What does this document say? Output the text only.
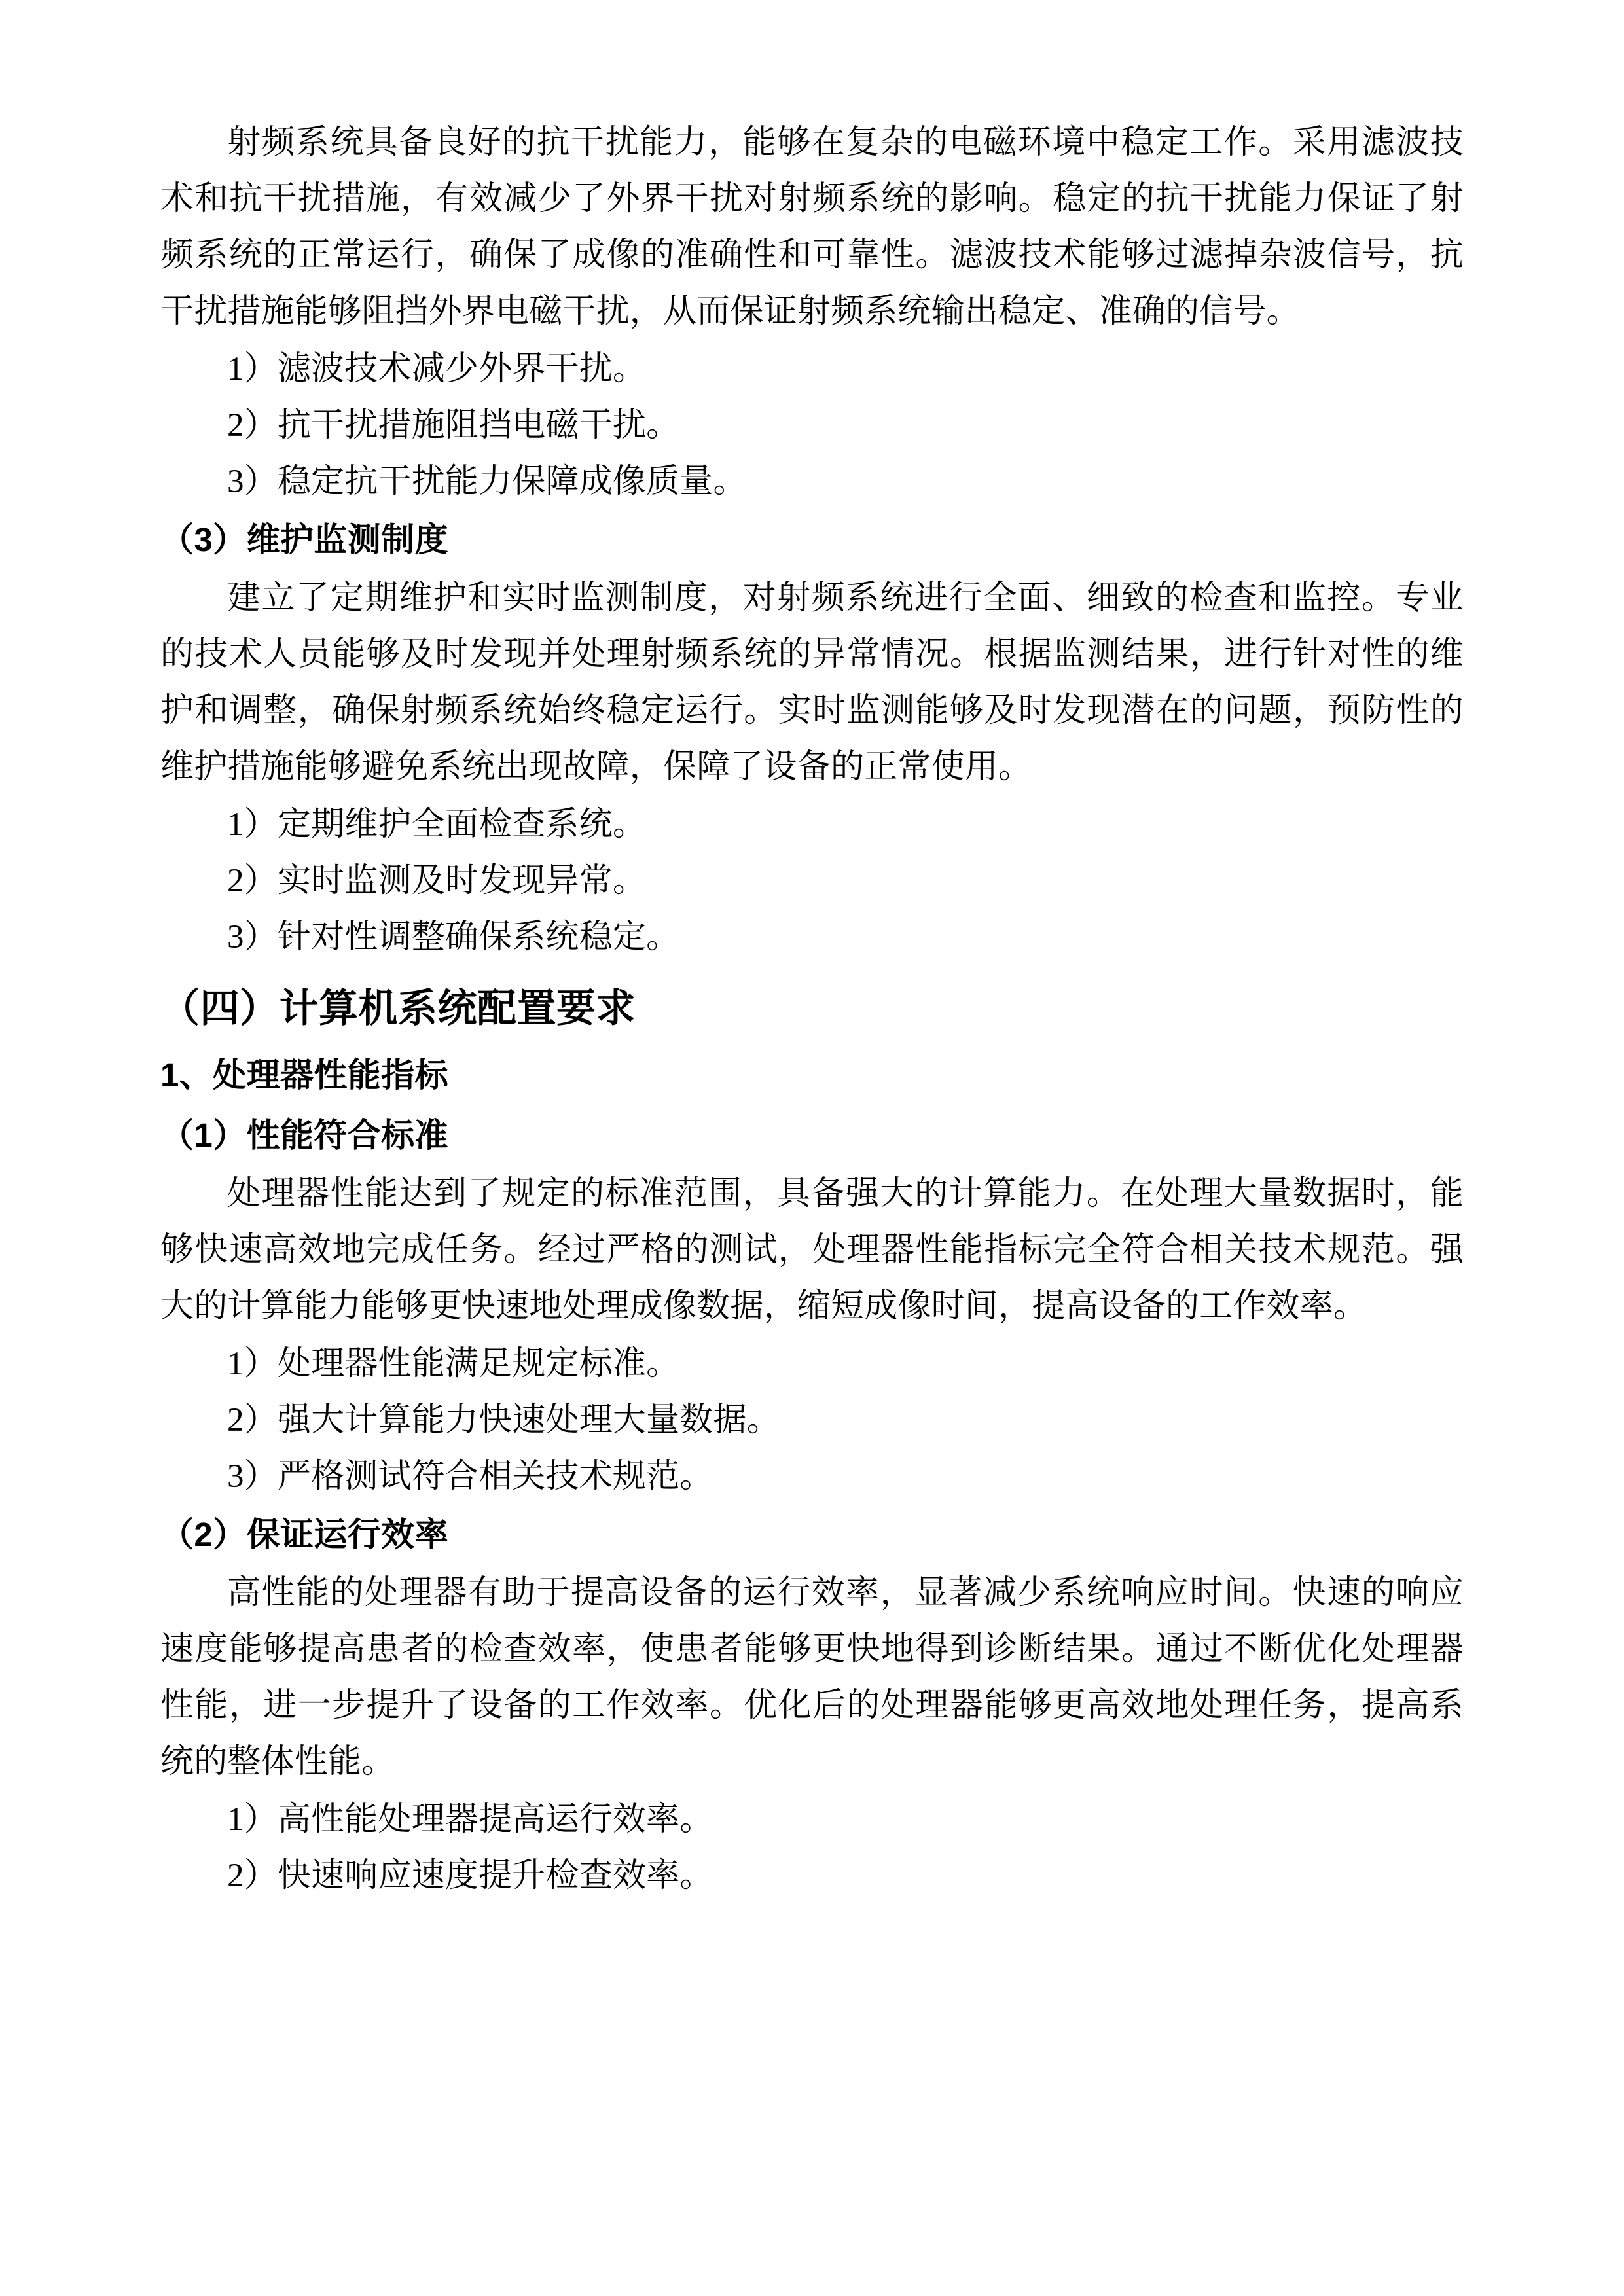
射频系统具备良好的抗干扰能力，能够在复杂的电磁环境中稳定工作。采用滤波技术和抗干扰措施，有效减少了外界干扰对射频系统的影响。稳定的抗干扰能力保证了射频系统的正常运行，确保了成像的准确性和可靠性。滤波技术能够过滤掉杂波信号，抗干扰措施能够阻挡外界电磁干扰，从而保证射频系统输出稳定、准确的信号。

1）滤波技术减少外界干扰。

2）抗干扰措施阻挡电磁干扰。

3）稳定抗干扰能力保障成像质量。

（3）维护监测制度

建立了定期维护和实时监测制度，对射频系统进行全面、细致的检查和监控。专业的技术人员能够及时发现并处理射频系统的异常情况。根据监测结果，进行针对性的维护和调整，确保射频系统始终稳定运行。实时监测能够及时发现潜在的问题，预防性的维护措施能够避免系统出现故障，保障了设备的正常使用。

1）定期维护全面检查系统。

2）实时监测及时发现异常。

3）针对性调整确保系统稳定。

（四）计算机系统配置要求
1、处理器性能指标
（1）性能符合标准

处理器性能达到了规定的标准范围，具备强大的计算能力。在处理大量数据时，能够快速高效地完成任务。经过严格的测试，处理器性能指标完全符合相关技术规范。强大的计算能力能够更快速地处理成像数据，缩短成像时间，提高设备的工作效率。

1）处理器性能满足规定标准。

2）强大计算能力快速处理大量数据。

3）严格测试符合相关技术规范。

（2）保证运行效率

高性能的处理器有助于提高设备的运行效率，显著减少系统响应时间。快速的响应速度能够提高患者的检查效率，使患者能够更快地得到诊断结果。通过不断优化处理器性能，进一步提升了设备的工作效率。优化后的处理器能够更高效地处理任务，提高系统的整体性能。

1）高性能处理器提高运行效率。

2）快速响应速度提升检查效率。
